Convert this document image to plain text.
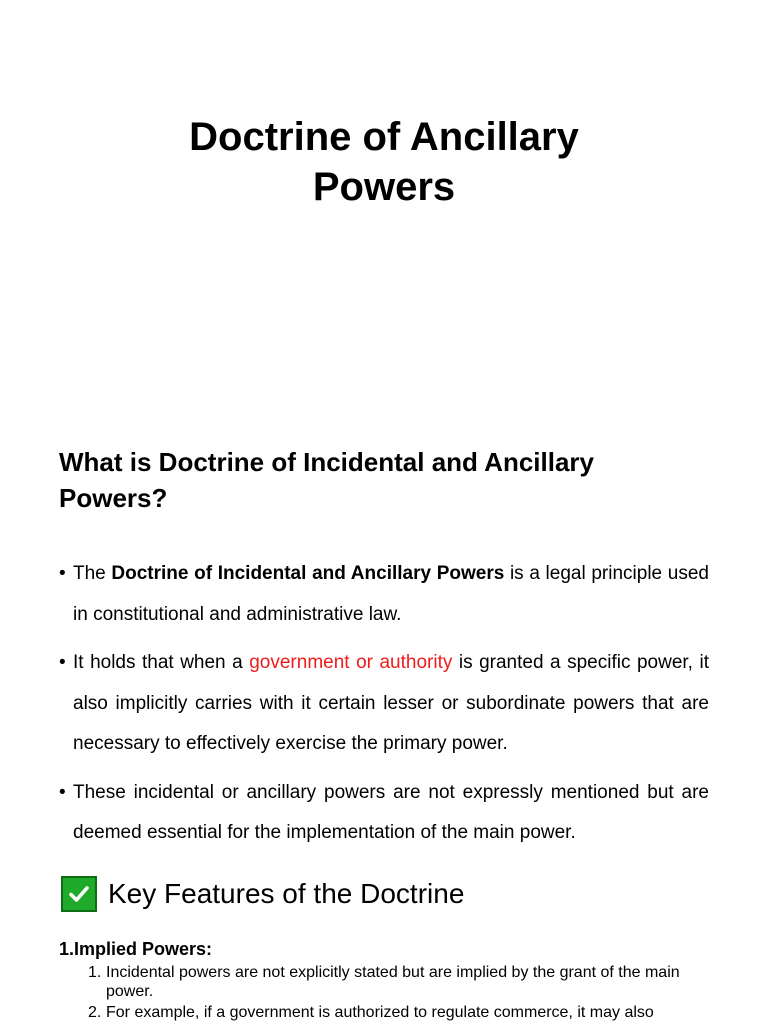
Doctrine of Ancillary

Powers

What is Doctrine of Incidental and Ancillary
Powers?
• The Doctrine of Incidental and Ancillary Powers is a legal principle used in constitutional and administrative law.
• It holds that when a government or authority is granted a specific power, it also implicitly carries with it certain lesser or subordinate powers that are necessary to effectively exercise the primary power.
• These incidental or ancillary powers are not expressly mentioned but are deemed essential for the implementation of the main power.
Key Features of the Doctrine
1.Implied Powers:
1. Incidental powers are not explicitly stated but are implied by the grant of the main power.
2. For example, if a government is authorized to regulate commerce, it may also
